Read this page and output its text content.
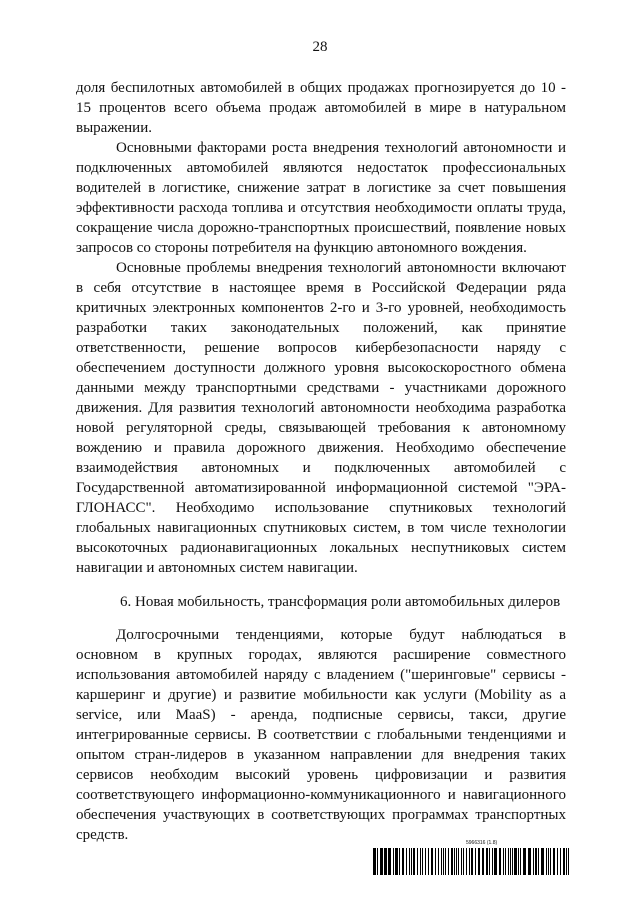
28

доля беспилотных автомобилей в общих продажах прогнозируется до 10 - 15 процентов всего объема продаж автомобилей в мире в натуральном выражении.

Основными факторами роста внедрения технологий автономности и подключенных автомобилей являются недостаток профессиональных водителей в логистике, снижение затрат в логистике за счет повышения эффективности расхода топлива и отсутствия необходимости оплаты труда, сокращение числа дорожно-транспортных происшествий, появление новых запросов со стороны потребителя на функцию автономного вождения.

Основные проблемы внедрения технологий автономности включают в себя отсутствие в настоящее время в Российской Федерации ряда критичных электронных компонентов 2-го и 3-го уровней, необходимость разработки таких законодательных положений, как принятие ответственности, решение вопросов кибербезопасности наряду с обеспечением доступности должного уровня высокоскоростного обмена данными между транспортными средствами - участниками дорожного движения. Для развития технологий автономности необходима разработка новой регуляторной среды, связывающей требования к автономному вождению и правила дорожного движения. Необходимо обеспечение взаимодействия автономных и подключенных автомобилей с Государственной автоматизированной информационной системой "ЭРА-ГЛОНАСС". Необходимо использование спутниковых технологий глобальных навигационных спутниковых систем, в том числе технологии высокоточных радионавигационных локальных неспутниковых систем навигации и автономных систем навигации.

6. Новая мобильность, трансформация роли автомобильных дилеров

Долгосрочными тенденциями, которые будут наблюдаться в основном в крупных городах, являются расширение совместного использования автомобилей наряду с владением ("шеринговые" сервисы - каршеринг и другие) и развитие мобильности как услуги (Mobility as a service, или MaaS) - аренда, подписные сервисы, такси, другие интегрированные сервисы. В соответствии с глобальными тенденциями и опытом стран-лидеров в указанном направлении для внедрения таких сервисов необходим высокий уровень цифровизации и развития соответствующего информационно-коммуникационного и навигационного обеспечения участвующих в соответствующих программах транспортных средств.	5966316 (1.8)
